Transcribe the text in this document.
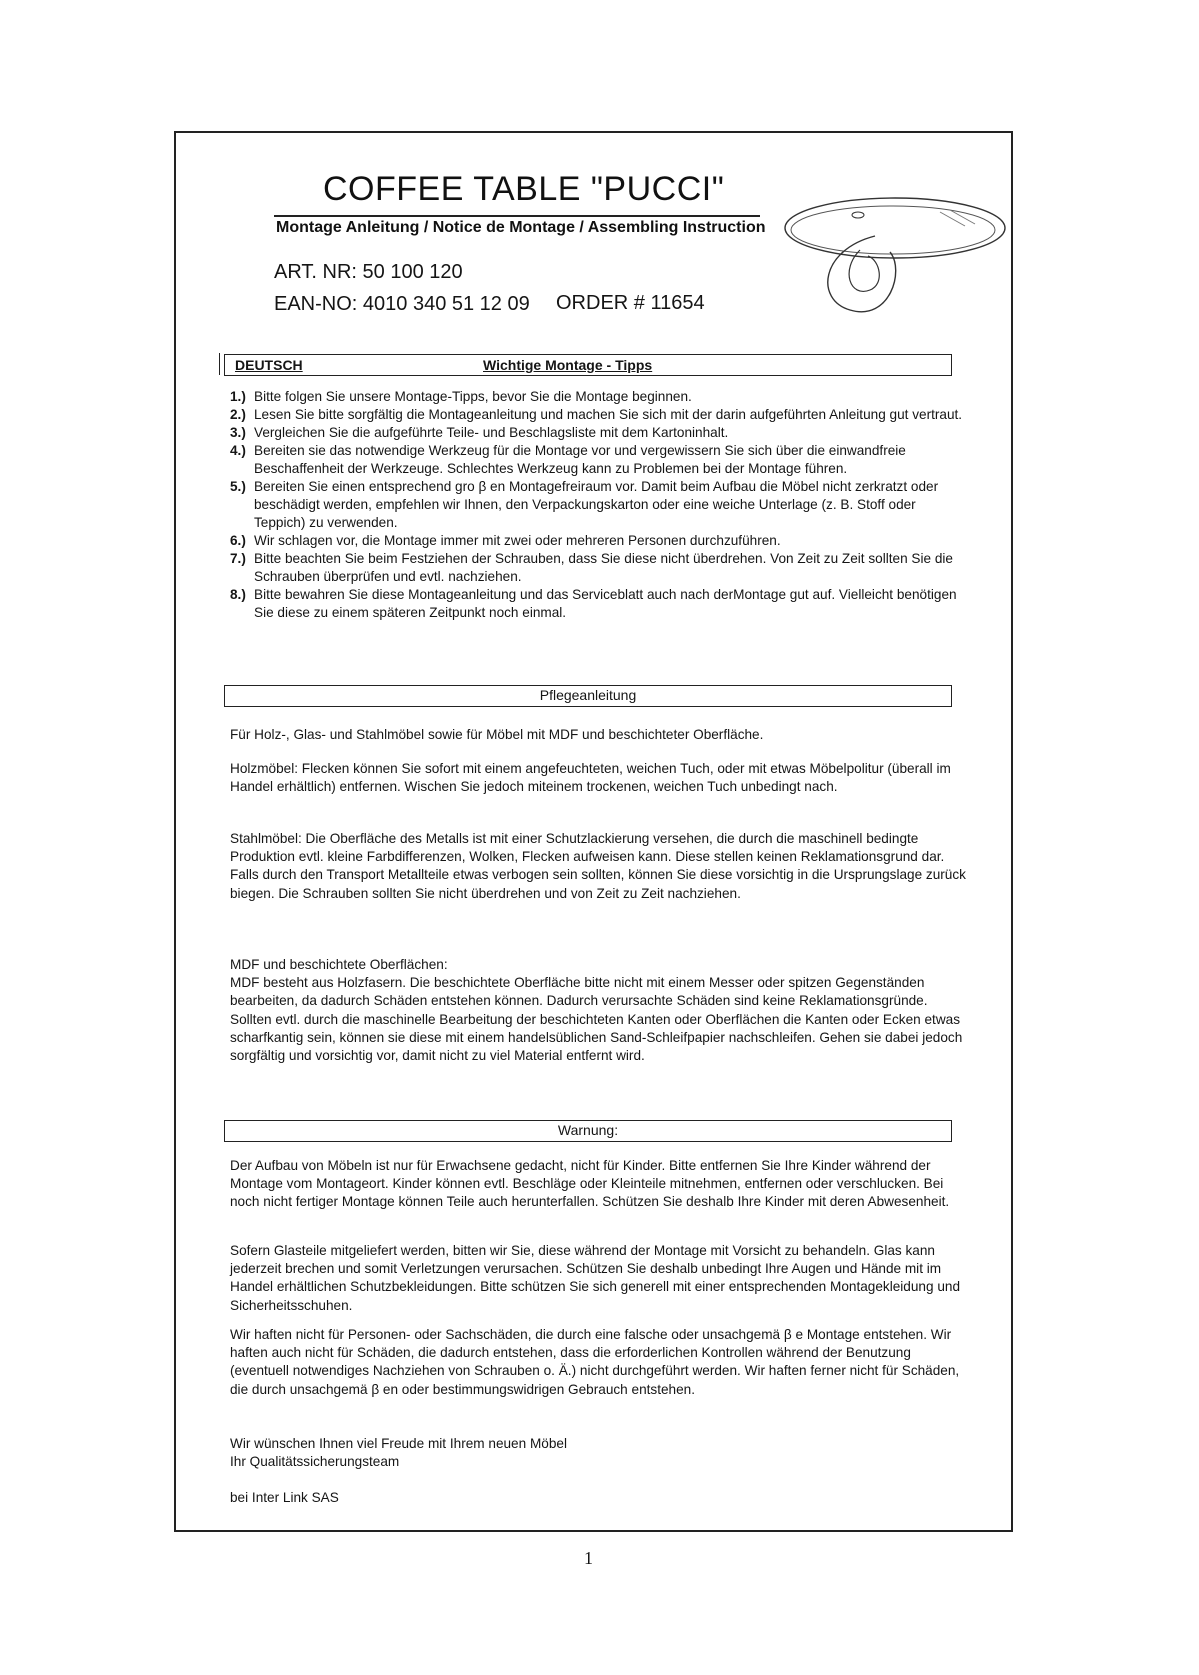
COFFEE TABLE "PUCCI"
Montage Anleitung / Notice de Montage / Assembling Instruction
ART. NR: 50 100 120
EAN-NO: 4010 340 51 12 09 ORDER # 11654
DEUTSCH	Wichtige Montage - Tipps
1.) Bitte folgen Sie unsere Montage-Tipps, bevor Sie die Montage beginnen.
2.) Lesen Sie bitte sorgfältig die Montageanleitung und machen Sie sich mit der darin aufgeführten Anleitung gut vertraut.
3.) Vergleichen Sie die aufgeführte Teile- und Beschlagsliste mit dem Kartoninhalt.
4.) Bereiten sie das notwendige Werkzeug für die Montage vor und vergewissern Sie sich über die einwandfreie Beschaffenheit der Werkzeuge. Schlechtes Werkzeug kann zu Problemen bei der Montage führen.
5.) Bereiten Sie einen entsprechend gro β en Montagefreiraum vor. Damit beim Aufbau die Möbel nicht zerkratzt oder beschädigt werden, empfehlen wir Ihnen, den Verpackungskarton oder eine weiche Unterlage (z. B. Stoff oder Teppich) zu verwenden.
6.) Wir schlagen vor, die Montage immer mit zwei oder mehreren Personen durchzuführen.
7.) Bitte beachten Sie beim Festziehen der Schrauben, dass Sie diese nicht überdrehen. Von Zeit zu Zeit sollten Sie die Schrauben überprüfen und evtl. nachziehen.
8.) Bitte bewahren Sie diese Montageanleitung und das Serviceblatt auch nach derMontage gut auf. Vielleicht benötigen Sie diese zu einem späteren Zeitpunkt noch einmal.
Pflegeanleitung
Für Holz-, Glas- und Stahlmöbel sowie für Möbel mit MDF und beschichteter Oberfläche.
Holzmöbel: Flecken können Sie sofort mit einem angefeuchteten, weichen Tuch, oder mit etwas Möbelpolitur (überall im Handel erhältlich) entfernen. Wischen Sie jedoch miteinem trockenen, weichen Tuch unbedingt nach.
Stahlmöbel: Die Oberfläche des Metalls ist mit einer Schutzlackierung versehen, die durch die maschinell bedingte Produktion evtl. kleine Farbdifferenzen, Wolken, Flecken aufweisen kann. Diese stellen keinen Reklamationsgrund dar.
Falls durch den Transport Metallteile etwas verbogen sein sollten, können Sie diese vorsichtig in die Ursprungslage zurück biegen. Die Schrauben sollten Sie nicht überdrehen und von Zeit zu Zeit nachziehen.
MDF und beschichtete Oberflächen:
MDF besteht aus Holzfasern. Die beschichtete Oberfläche bitte nicht mit einem Messer oder spitzen Gegenständen bearbeiten, da dadurch Schäden entstehen können. Dadurch verursachte Schäden sind keine Reklamationsgründe.
Sollten evtl. durch die maschinelle Bearbeitung der beschichteten Kanten oder Oberflächen die Kanten oder Ecken etwas scharfkantig sein, können sie diese mit einem handelsüblichen Sand-Schleifpapier nachschleifen. Gehen sie dabei jedoch sorgfältig und vorsichtig vor, damit nicht zu viel Material entfernt wird.
Warnung:
Der Aufbau von Möbeln ist nur für Erwachsene gedacht, nicht für Kinder. Bitte entfernen Sie Ihre Kinder während der Montage vom Montageort. Kinder können evtl. Beschläge oder Kleinteile mitnehmen, entfernen oder verschlucken. Bei noch nicht fertiger Montage können Teile auch herunterfallen. Schützen Sie deshalb Ihre Kinder mit deren Abwesenheit.
Sofern Glasteile mitgeliefert werden, bitten wir Sie, diese während der Montage mit Vorsicht zu behandeln. Glas kann jederzeit brechen und somit Verletzungen verursachen. Schützen Sie deshalb unbedingt Ihre Augen und Hände mit im Handel erhältlichen Schutzbekleidungen. Bitte schützen Sie sich generell mit einer entsprechenden Montagekleidung und Sicherheitsschuhen.
Wir haften nicht für Personen- oder Sachschäden, die durch eine falsche oder unsachgemä β e Montage entstehen. Wir haften auch nicht für Schäden, die dadurch entstehen, dass die erforderlichen Kontrollen während der Benutzung (eventuell notwendiges Nachziehen von Schrauben o. Ä.) nicht durchgeführt werden. Wir haften ferner nicht für Schäden, die durch unsachgemä β en oder bestimmungswidrigen Gebrauch entstehen.
Wir wünschen Ihnen viel Freude mit Ihrem neuen Möbel
Ihr Qualitätssicherungsteam
bei Inter Link SAS
1
